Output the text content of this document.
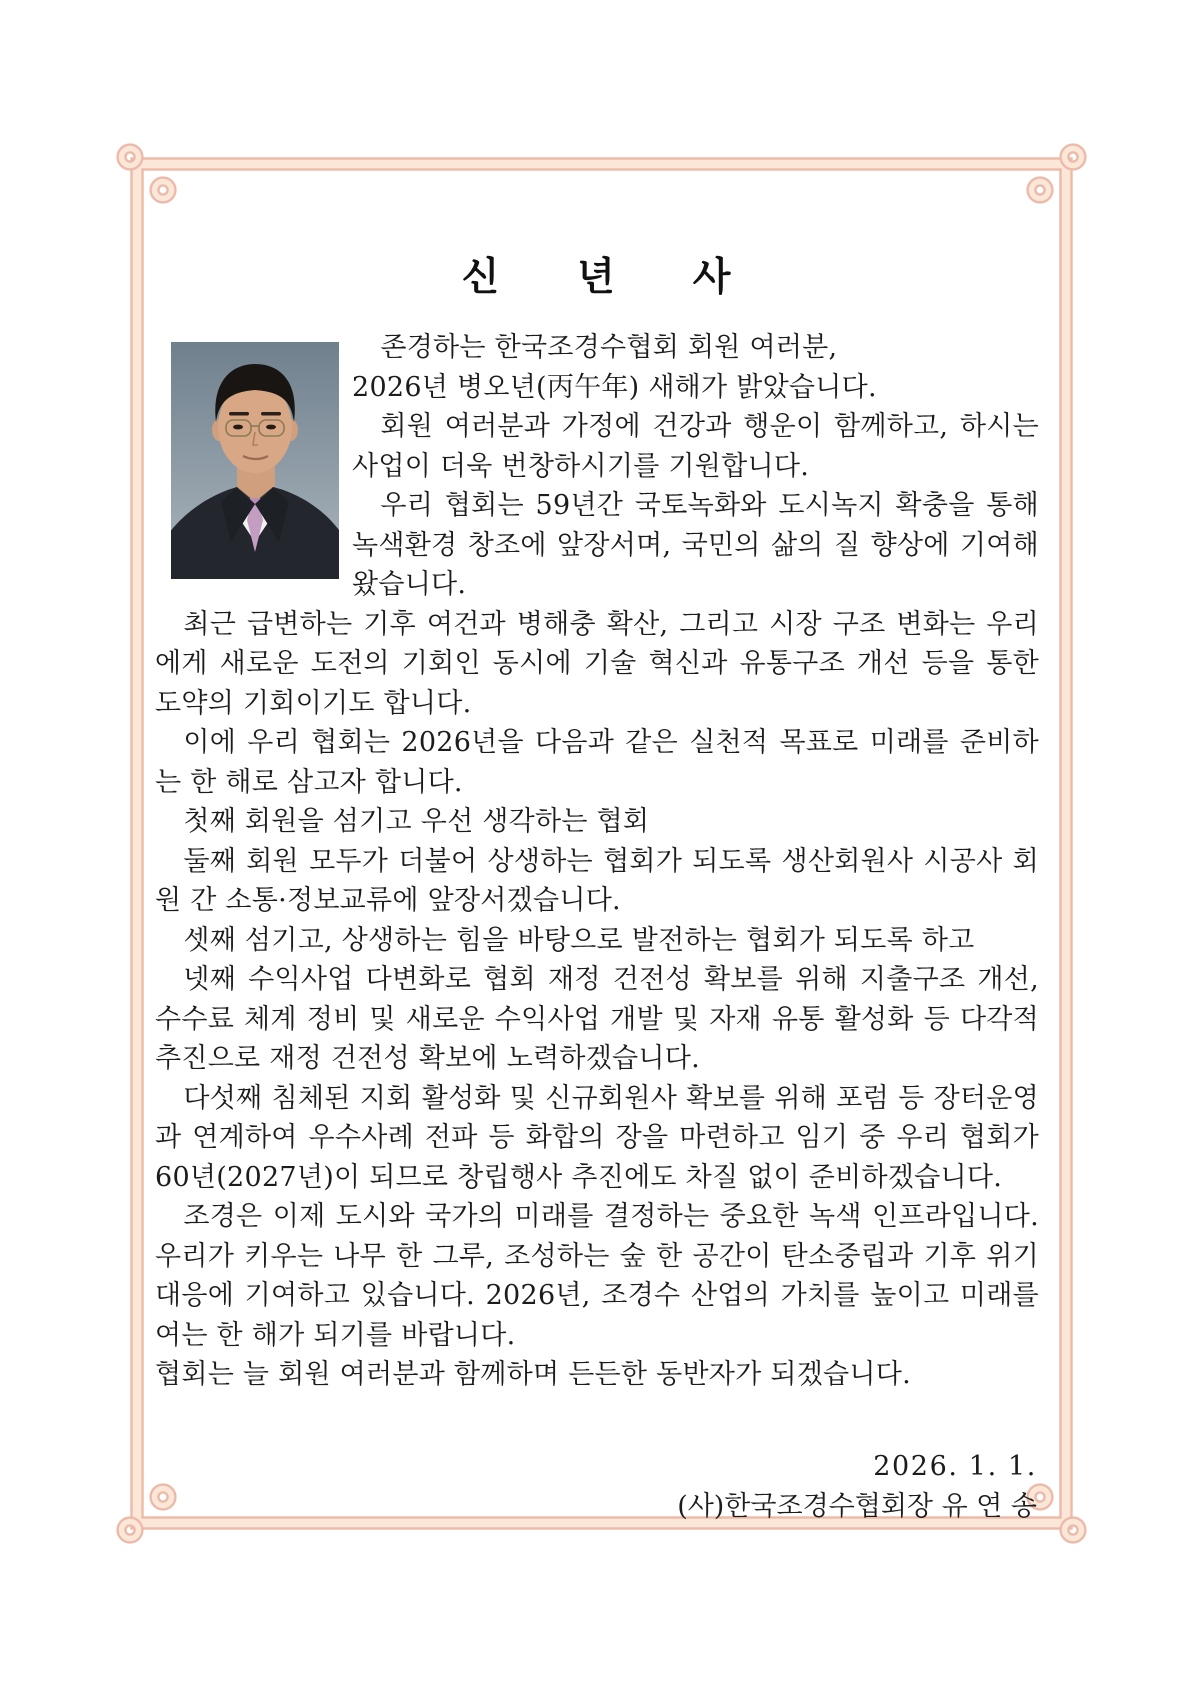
신 년 사

존경하는 한국조경수협회 회원 여러분,

2026년 병오년(丙午年) 새해가 밝았습니다.

회원 여러분과 가정에 건강과 행운이 함께하고, 하시는 사업이 더욱 번창하시기를 기원합니다.

우리 협회는 59년간 국토녹화와 도시녹지 확충을 통해 녹색환경 창조에 앞장서며, 국민의 삶의 질 향상에 기여해 왔습니다.

최근 급변하는 기후 여건과 병해충 확산, 그리고 시장 구조 변화는 우리에게 새로운 도전의 기회인 동시에 기술 혁신과 유통구조 개선 등을 통한 도약의 기회이기도 합니다.

이에 우리 협회는 2026년을 다음과 같은 실천적 목표로 미래를 준비하는 한 해로 삼고자 합니다.

첫째 회원을 섬기고 우선 생각하는 협회

둘째 회원 모두가 더불어 상생하는 협회가 되도록 생산회원사 시공사 회원 간 소통·정보교류에 앞장서겠습니다.

셋째 섬기고, 상생하는 힘을 바탕으로 발전하는 협회가 되도록 하고

넷째 수익사업 다변화로 협회 재정 건전성 확보를 위해 지출구조 개선, 수수료 체계 정비 및 새로운 수익사업 개발 및 자재 유통 활성화 등 다각적 추진으로 재정 건전성 확보에 노력하겠습니다.

다섯째 침체된 지회 활성화 및 신규회원사 확보를 위해 포럼 등 장터운영과 연계하여 우수사례 전파 등 화합의 장을 마련하고 임기 중 우리 협회가 60년(2027년)이 되므로 창립행사 추진에도 차질 없이 준비하겠습니다.

조경은 이제 도시와 국가의 미래를 결정하는 중요한 녹색 인프라입니다. 우리가 키우는 나무 한 그루, 조성하는 숲 한 공간이 탄소중립과 기후 위기 대응에 기여하고 있습니다. 2026년, 조경수 산업의 가치를 높이고 미래를 여는 한 해가 되기를 바랍니다.

협회는 늘 회원 여러분과 함께하며 든든한 동반자가 되겠습니다.

2026. 1. 1.
(사)한국조경수협회장 유 연 송
